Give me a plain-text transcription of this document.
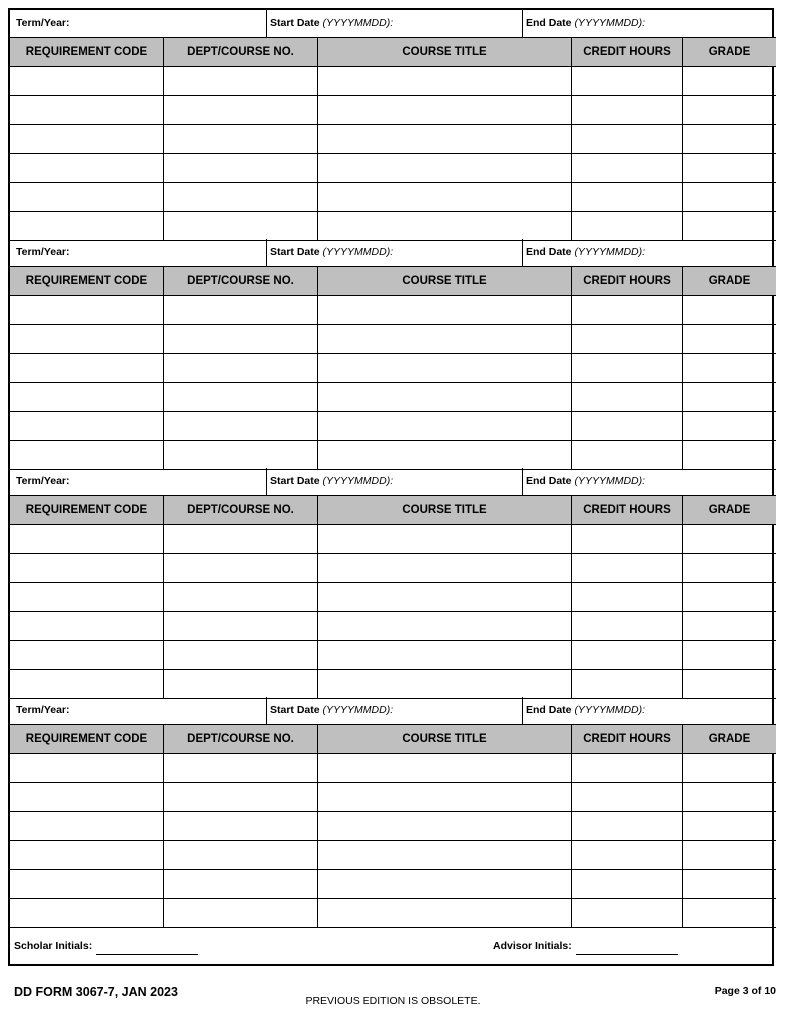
Term/Year:	Start Date (YYYYMMDD):	End Date (YYYYMMDD):
REQUIREMENT CODE	DEPT/COURSE NO.	COURSE TITLE	CREDIT HOURS	GRADE
Term/Year:	Start Date (YYYYMMDD):	End Date (YYYYMMDD):
REQUIREMENT CODE	DEPT/COURSE NO.	COURSE TITLE	CREDIT HOURS	GRADE
Term/Year:	Start Date (YYYYMMDD):	End Date (YYYYMMDD):
REQUIREMENT CODE	DEPT/COURSE NO.	COURSE TITLE	CREDIT HOURS	GRADE
Term/Year:	Start Date (YYYYMMDD):	End Date (YYYYMMDD):
REQUIREMENT CODE	DEPT/COURSE NO.	COURSE TITLE	CREDIT HOURS	GRADE
Scholar Initials:	Advisor Initials:
DD FORM 3067-7, JAN 2023
PREVIOUS EDITION IS OBSOLETE.
Page 3 of 10
